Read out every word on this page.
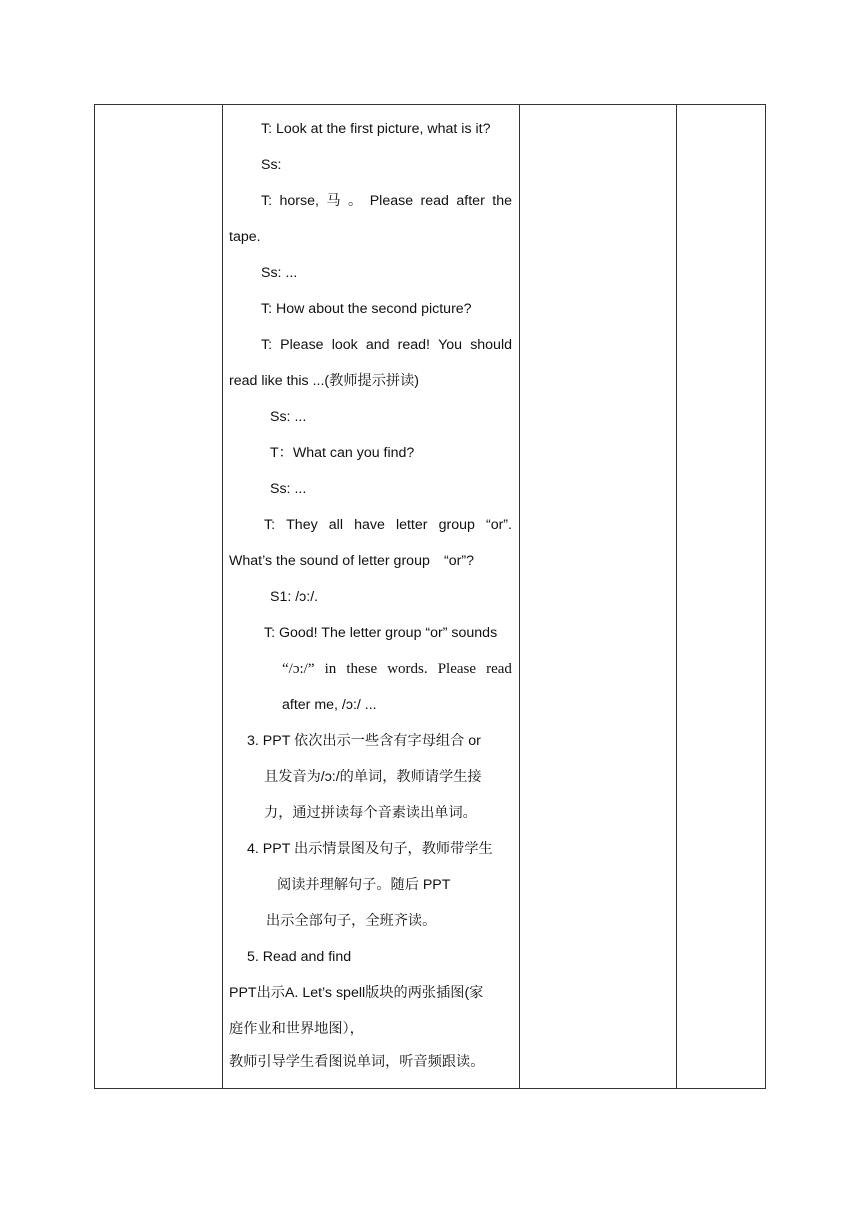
T: Look at the first picture, what is it?
Ss:
T: horse, 马 。 Please read after the
tape.
Ss: ...
T: How about the second picture?
T: Please look and read! You should
read like this ...(教师提示拼读)
Ss: ...
T：What can you find?
Ss: ...
T: They all have letter group “or”.
What’s the sound of letter group　“or”?
S1: /ɔ:/.
T: Good! The letter group “or” sounds
“/ɔ:/” in these words. Please read
after me, /ɔ:/ ...
3. PPT 依次出示一些含有字母组合 or
且发音为/ɔ:/的单词，教师请学生接
力，通过拼读每个音素读出单词。
4. PPT 出示情景图及句子，教师带学生
阅读并理解句子。随后 PPT
出示全部句子，全班齐读。
5. Read and find
PPT出示A. Let’s spell版块的两张插图(家
庭作业和世界地图），
教师引导学生看图说单词，听音频跟读。
